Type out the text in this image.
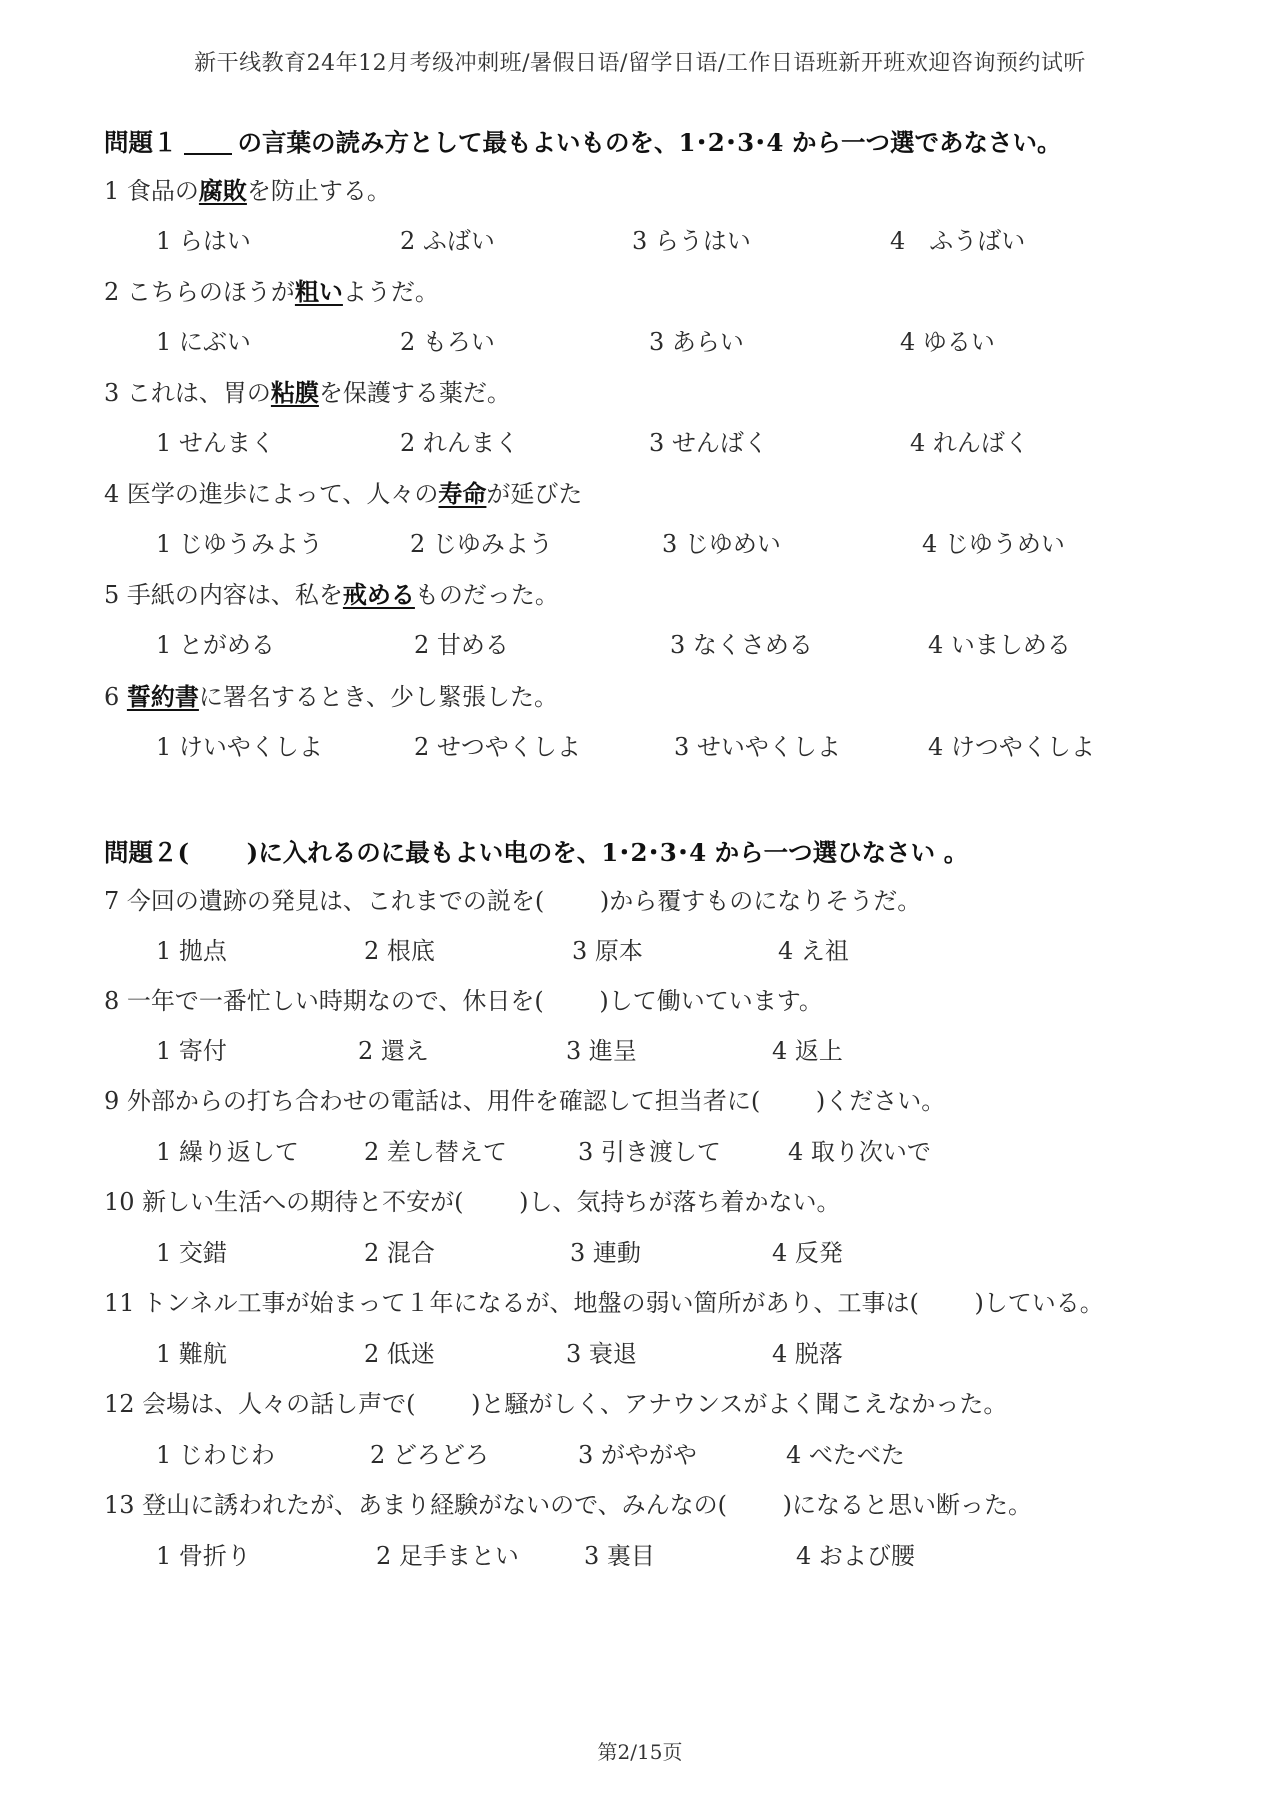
新干线教育24年12月考级冲刺班/暑假日语/留学日语/工作日语班新开班欢迎咨询预约试听
問題１ の言葉の読み方として最もよいものを、1･2･3･4 から一つ選であなさい。
1 食品の腐敗を防止する。
1 らはい	2 ふばい	3 らうはい	4　ふうばい
2 こちらのほうが粗いようだ。
1 にぶい	2 もろい	3 あらい	4 ゆるい
3 これは、胃の粘膜を保護する薬だ。
1 せんまく	2 れんまく	3 せんばく	4 れんばく
4 医学の進歩によって、人々の寿命が延びた
1 じゆうみよう	2 じゆみよう	3 じゆめい	4 じゆうめい
5 手紙の内容は、私を戒めるものだった。
1 とがめる	2 甘める	3 なくさめる	4 いましめる
6 誓約書に署名するとき、少し緊張した。
1 けいやくしよ	2 せつやくしよ	3 せいやくしよ	4 けつやくしよ
問題２(　　 )に入れるのに最もよい电のを、1･2･3･4 から一つ選ひなさい 。
7 今回の遺跡の発見は、これまでの説を(　　 )から覆すものになりそうだ。
1 拋点	2 根底	3 原本	4 え祖
8 一年で一番忙しい時期なので、休日を(　　 )して働いています。
1 寄付	2 還え	3 進呈	4 返上
9 外部からの打ち合わせの電話は、用件を確認して担当者に(　　 )ください。
1 繰り返して	2 差し替えて	3 引き渡して	4 取り次いで
10 新しい生活への期待と不安が(　　 )し、気持ちが落ち着かない。
1 交錯	2 混合	3 連動	4 反発
11 トンネル工事が始まって１年になるが、地盤の弱い箇所があり、工事は(　　 )している。
1 難航	2 低迷	3 衰退	4 脱落
12 会場は、人々の話し声で(　　 )と騒がしく、アナウンスがよく聞こえなかった。
1 じわじわ	2 どろどろ	3 がやがや	4 べたべた
13 登山に誘われたが、あまり経験がないので、みんなの(　　 )になると思い断った。
1 骨折り	2 足手まとい	3 裏目	4 および腰
第2/15页
